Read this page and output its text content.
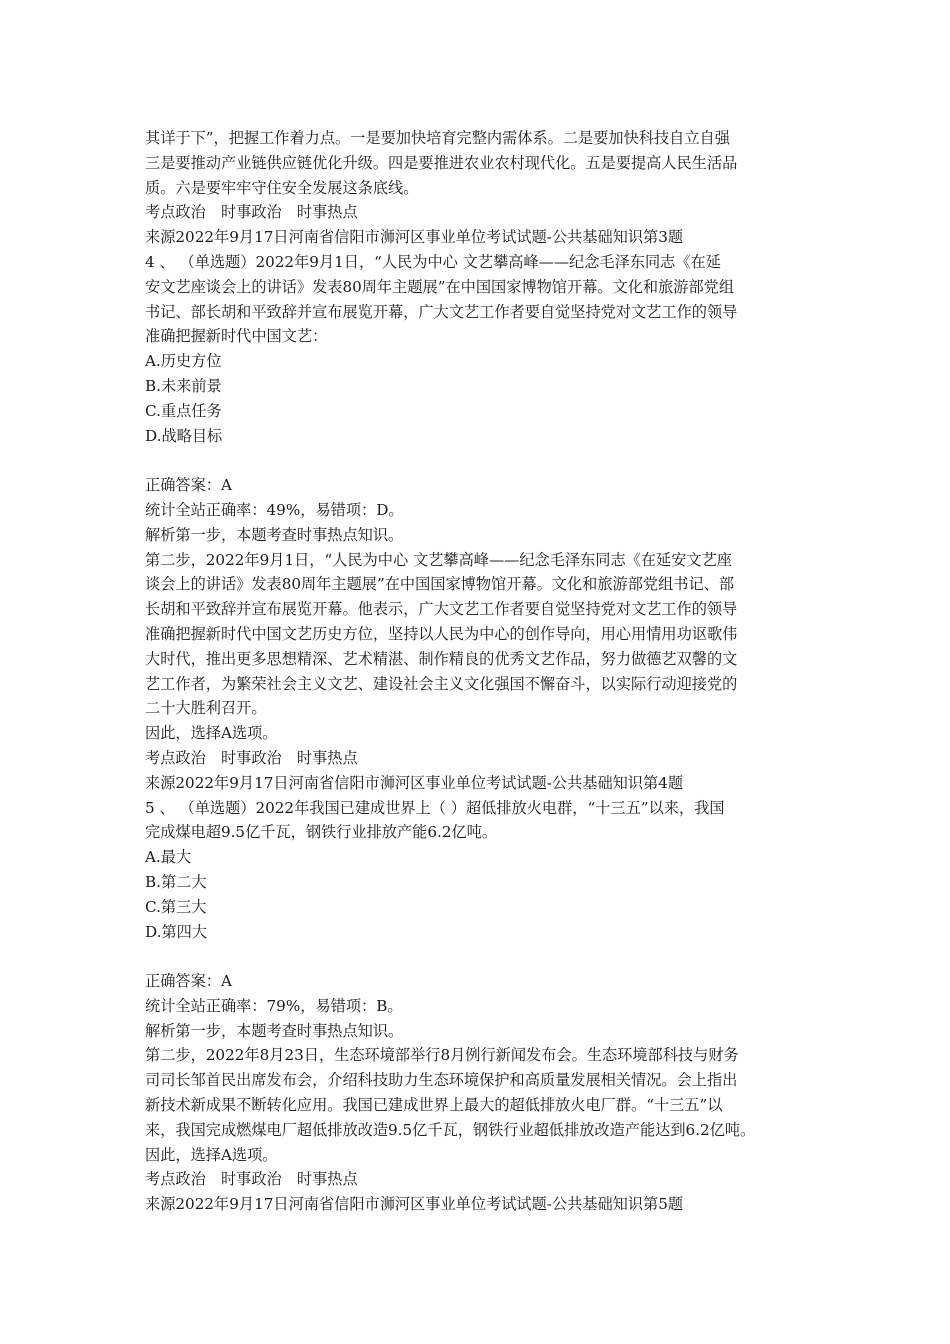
其详于下”，把握工作着力点。一是要加快培育完整内需体系。二是要加快科技自立自强
三是要推动产业链供应链优化升级。四是要推进农业农村现代化。五是要提高人民生活品
质。六是要牢牢守住安全发展这条底线。
考点政治　时事政治　时事热点
来源2022年9月17日河南省信阳市浉河区事业单位考试试题-公共基础知识第3题
4 、 （单选题）2022年9月1日，“人民为中心 文艺攀高峰——纪念毛泽东同志《在延
安文艺座谈会上的讲话》发表80周年主题展”在中国国家博物馆开幕。文化和旅游部党组
书记、部长胡和平致辞并宣布展览开幕，广大文艺工作者要自觉坚持党对文艺工作的领导
准确把握新时代中国文艺：
A.历史方位
B.未来前景
C.重点任务
D.战略目标
正确答案：A
统计全站正确率：49%，易错项：D。
解析第一步，本题考查时事热点知识。
第二步，2022年9月1日，“人民为中心 文艺攀高峰——纪念毛泽东同志《在延安文艺座
谈会上的讲话》发表80周年主题展”在中国国家博物馆开幕。文化和旅游部党组书记、部
长胡和平致辞并宣布展览开幕。他表示，广大文艺工作者要自觉坚持党对文艺工作的领导
准确把握新时代中国文艺历史方位，坚持以人民为中心的创作导向，用心用情用功讴歌伟
大时代，推出更多思想精深、艺术精湛、制作精良的优秀文艺作品，努力做德艺双馨的文
艺工作者，为繁荣社会主义文艺、建设社会主义文化强国不懈奋斗，以实际行动迎接党的
二十大胜利召开。
因此，选择A选项。
考点政治　时事政治　时事热点
来源2022年9月17日河南省信阳市浉河区事业单位考试试题-公共基础知识第4题
5 、 （单选题）2022年我国已建成世界上（ ）超低排放火电群，“十三五”以来，我国
完成煤电超9.5亿千瓦，钢铁行业排放产能6.2亿吨。
A.最大
B.第二大
C.第三大
D.第四大
正确答案：A
统计全站正确率：79%，易错项：B。
解析第一步，本题考查时事热点知识。
第二步，2022年8月23日，生态环境部举行8月例行新闻发布会。生态环境部科技与财务
司司长邹首民出席发布会，介绍科技助力生态环境保护和高质量发展相关情况。会上指出
新技术新成果不断转化应用。我国已建成世界上最大的超低排放火电厂群。“十三五”以
来，我国完成燃煤电厂超低排放改造9.5亿千瓦，钢铁行业超低排放改造产能达到6.2亿吨。
因此，选择A选项。
考点政治　时事政治　时事热点
来源2022年9月17日河南省信阳市浉河区事业单位考试试题-公共基础知识第5题
